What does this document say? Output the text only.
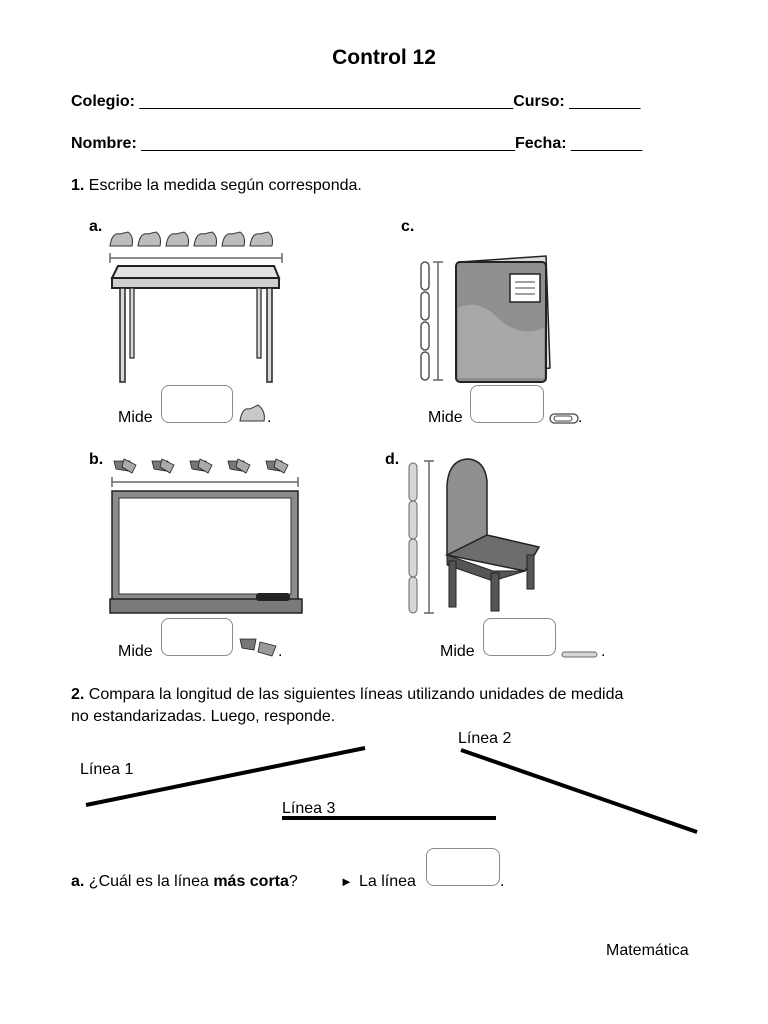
Control 12
Colegio: __________________________________________Curso: ________
Nombre: __________________________________________Fecha: ________
1. Escribe la medida según corresponda.
a.
Mide	.
c.
Mide	.
b.
Mide	.
d.
Mide	.
2. Compara la longitud de las siguientes líneas utilizando unidades de medida
no estandarizadas. Luego, responde.
Línea 1
Línea 2
Línea 3
a. ¿Cuál es la línea más corta?	► La línea	.
Matemática
